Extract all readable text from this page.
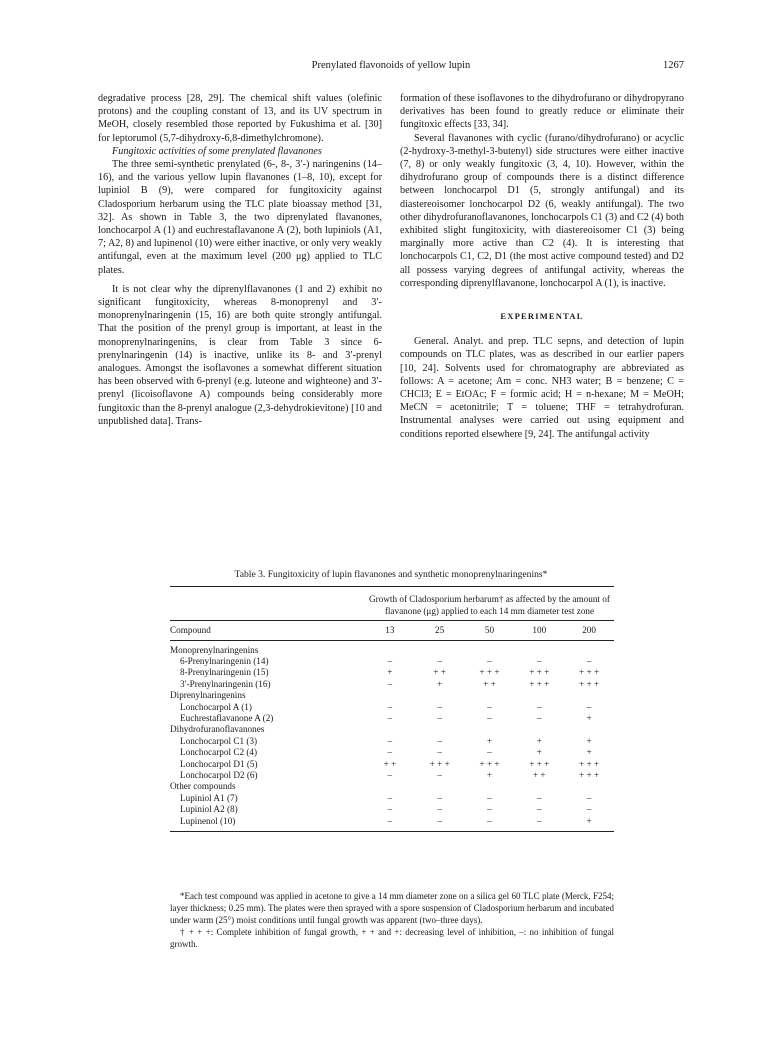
Prenylated flavonoids of yellow lupin	1267

degradative process [28, 29]. The chemical shift values (olefinic protons) and the coupling constant of 13, and its UV spectrum in MeOH, closely resembled those reported by Fukushima et al. [30] for leptorumol (5,7-dihydroxy-6,8-dimethylchromone).

Fungitoxic activities of some prenylated flavanones

The three semi-synthetic prenylated (6-, 8-, 3′-) naringenins (14–16), and the various yellow lupin flavanones (1–8, 10), except for lupiniol B (9), were compared for fungitoxicity against Cladosporium herbarum using the TLC plate bioassay method [31, 32]. As shown in Table 3, the two diprenylated flavanones, lonchocarpol A (1) and euchrestaflavanone A (2), both lupiniols (A1, 7; A2, 8) and lupinenol (10) were either inactive, or only very weakly antifungal, even at the maximum level (200 μg) applied to TLC plates.

It is not clear why the diprenylflavanones (1 and 2) exhibit no significant fungitoxicity, whereas 8-monoprenyl and 3′-monoprenylnaringenin (15, 16) are both quite strongly antifungal. That the position of the prenyl group is important, at least in the monoprenylnaringenins, is clear from Table 3 since 6-prenylnaringenin (14) is inactive, unlike its 8- and 3′-prenyl analogues. Amongst the isoflavones a somewhat different situation has been observed with 6-prenyl (e.g. luteone and wighteone) and 3′-prenyl (licoisoflavone A) compounds being considerably more fungitoxic than the 8-prenyl analogue (2,3-dehydrokievitone) [10 and unpublished data]. Trans-

formation of these isoflavones to the dihydrofurano or dihydropyrano derivatives has been found to greatly reduce or eliminate their fungitoxic effects [33, 34].

Several flavanones with cyclic (furano/dihydrofurano) or acyclic (2-hydroxy-3-methyl-3-butenyl) side structures were either inactive (7, 8) or only weakly fungitoxic (3, 4, 10). However, within the dihydrofurano group of compounds there is a distinct difference between lonchocarpol D1 (5, strongly antifungal) and its diastereoisomer lonchocarpol D2 (6, weakly antifungal). The two other dihydrofuranoflavanones, lonchocarpols C1 (3) and C2 (4) both exhibited slight fungitoxicity, with diastereoisomer C1 (3) being marginally more active than C2 (4). It is interesting that lonchocarpols C1, C2, D1 (the most active compound tested) and D2 all possess varying degrees of antifungal activity, whereas the corresponding diprenylflavanone, lonchocarpol A (1), is inactive.

EXPERIMENTAL

General. Analyt. and prep. TLC sepns, and detection of lupin compounds on TLC plates, was as described in our earlier papers [10, 24]. Solvents used for chromatography are abbreviated as follows: A = acetone; Am = conc. NH3 water; B = benzene; C = CHCl3; E = EtOAc; F = formic acid; H = n-hexane; M = MeOH; MeCN = acetonitrile; T = toluene; THF = tetrahydrofuran. Instrumental analyses were carried out using equipment and conditions reported elsewhere [9, 24]. The antifungal activity

Table 3. Fungitoxicity of lupin flavanones and synthetic monoprenylnaringenins*

	Growth of Cladosporium herbarum† as affected by the amount of flavanone (μg) applied to each 14 mm diameter test zone				
Compound	13	25	50	100	200
Monoprenylnaringenins					
6-Prenylnaringenin (14)	–	–	–	–	–
8-Prenylnaringenin (15)	+	+ +	+ + +	+ + +	+ + +
3′-Prenylnaringenin (16)	–	+	+ +	+ + +	+ + +
Diprenylnaringenins					
Lonchocarpol A (1)	–	–	–	–	–
Euchrestaflavanone A (2)	–	–	–	–	+
Dihydrofuranoflavanones					
Lonchocarpol C1 (3)	–	–	+	+	+
Lonchocarpol C2 (4)	–	–	–	+	+
Lonchocarpol D1 (5)	+ +	+ + +	+ + +	+ + +	+ + +
Lonchocarpol D2 (6)	–	–	+	+ +	+ + +
Other compounds					
Lupiniol A1 (7)	–	–	–	–	–
Lupiniol A2 (8)	–	–	–	–	–
Lupinenol (10)	–	–	–	–	+

*Each test compound was applied in acetone to give a 14 mm diameter zone on a silica gel 60 TLC plate (Merck, F254; layer thickness; 0.25 mm). The plates were then sprayed with a spore suspension of Cladosporium herbarum and incubated under warm (25°) moist conditions until fungal growth was apparent (two–three days).

† + + +: Complete inhibition of fungal growth, + + and +: decreasing level of inhibition, –: no inhibition of fungal growth.
